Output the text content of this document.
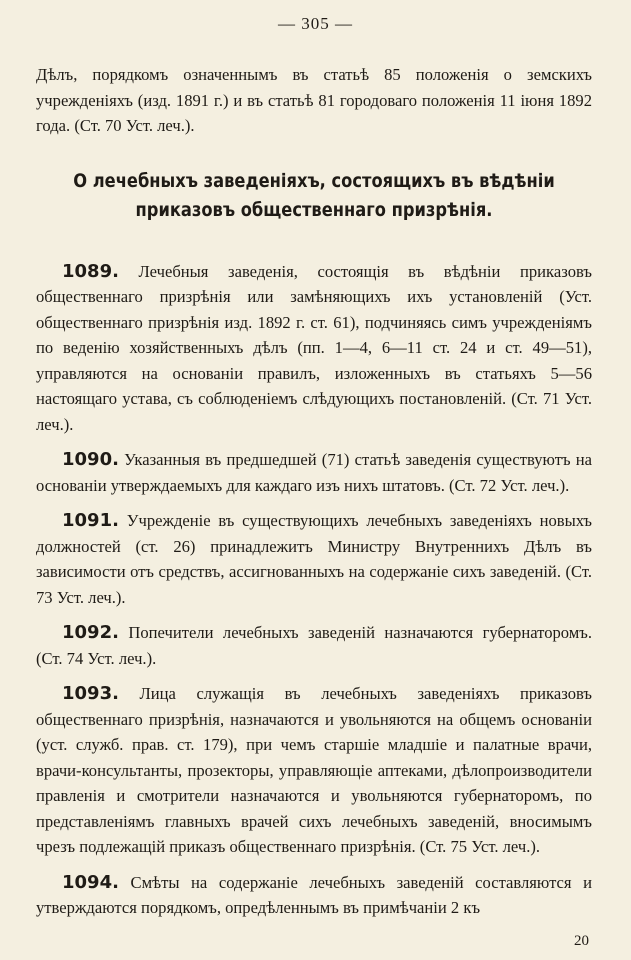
— 305 —

Дѣлъ, порядкомъ означеннымъ въ статьѣ 85 положенія о земскихъ учрежденіяхъ (изд. 1891 г.) и въ статьѣ 81 городоваго положенія 11 іюня 1892 года. (Ст. 70 Уст. леч.).

О лечебныхъ заведеніяхъ, состоящихъ въ вѣдѣніи приказовъ общественнаго призрѣнія.

1089. Лечебныя заведенія, состоящія въ вѣдѣніи приказовъ общественнаго призрѣнія или замѣняющихъ ихъ установленій (Уст. общественнаго призрѣнія изд. 1892 г. ст. 61), подчиняясь симъ учрежденіямъ по веденію хозяйственныхъ дѣлъ (пп. 1—4, 6—11 ст. 24 и ст. 49—51), управляются на основаніи правилъ, изложенныхъ въ статьяхъ 5—56 настоящаго устава, съ соблюденіемъ слѣдующихъ постановленій. (Ст. 71 Уст. леч.).

1090. Указанныя въ предшедшей (71) статьѣ заведенія существуютъ на основаніи утверждаемыхъ для каждаго изъ нихъ штатовъ. (Ст. 72 Уст. леч.).

1091. Учрежденіе въ существующихъ лечебныхъ заведеніяхъ новыхъ должностей (ст. 26) принадлежитъ Министру Внутреннихъ Дѣлъ въ зависимости отъ средствъ, ассигнованныхъ на содержаніе сихъ заведеній. (Ст. 73 Уст. леч.).

1092. Попечители лечебныхъ заведеній назначаются губернаторомъ. (Ст. 74 Уст. леч.).

1093. Лица служащія въ лечебныхъ заведеніяхъ приказовъ общественнаго призрѣнія, назначаются и увольняются на общемъ основаніи (уст. служб. прав. ст. 179), при чемъ старшіе младшіе и палатные врачи, врачи-консультанты, прозекторы, управляющіе аптеками, дѣлопроизводители правленія и смотрители назначаются и увольняются губернаторомъ, по представленіямъ главныхъ врачей сихъ лечебныхъ заведеній, вносимымъ чрезъ подлежащій приказъ общественнаго призрѣнія. (Ст. 75 Уст. леч.).

1094. Смѣты на содержаніе лечебныхъ заведеній составляются и утверждаются порядкомъ, опредѣленнымъ въ примѣчаніи 2 къ

20
